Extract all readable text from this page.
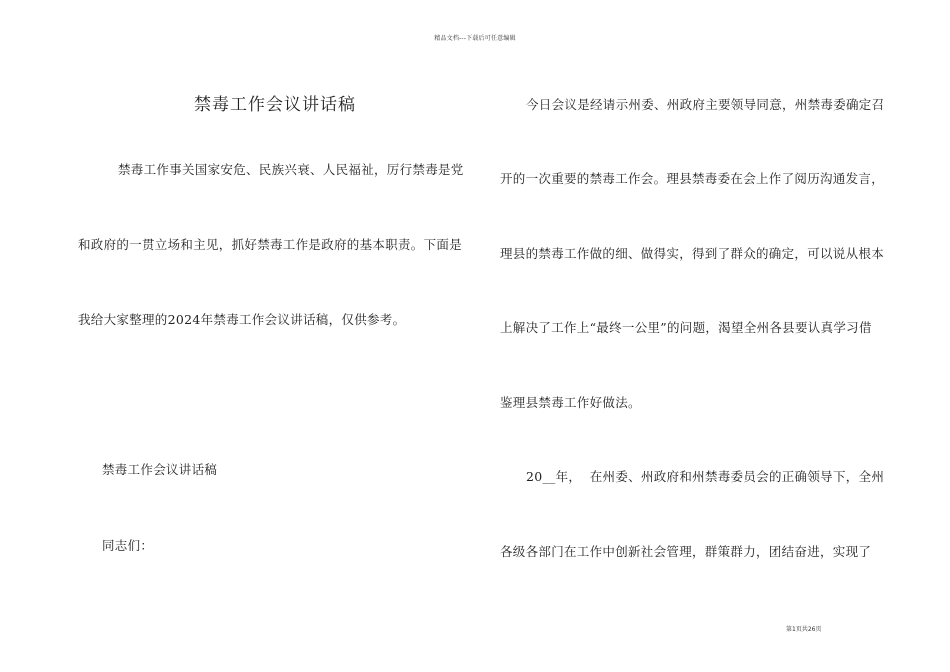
精品文档---下载后可任意编辑
禁毒工作会议讲话稿
禁毒工作事关国家安危、民族兴衰、人民福祉，厉行禁毒是党
和政府的一贯立场和主见，抓好禁毒工作是政府的基本职责。下面是
我给大家整理的2024年禁毒工作会议讲话稿，仅供参考。
禁毒工作会议讲话稿
同志们：
今日会议是经请示州委、州政府主要领导同意，州禁毒委确定召
开的一次重要的禁毒工作会。理县禁毒委在会上作了阅历沟通发言，
理县的禁毒工作做的细、做得实，得到了群众的确定，可以说从根本
上解决了工作上“最终一公里”的问题，渴望全州各县要认真学习借
鉴理县禁毒工作好做法。
20__年，  在州委、州政府和州禁毒委员会的正确领导下，全州
各级各部门在工作中创新社会管理，群策群力，团结奋进，实现了
第1页共26页
